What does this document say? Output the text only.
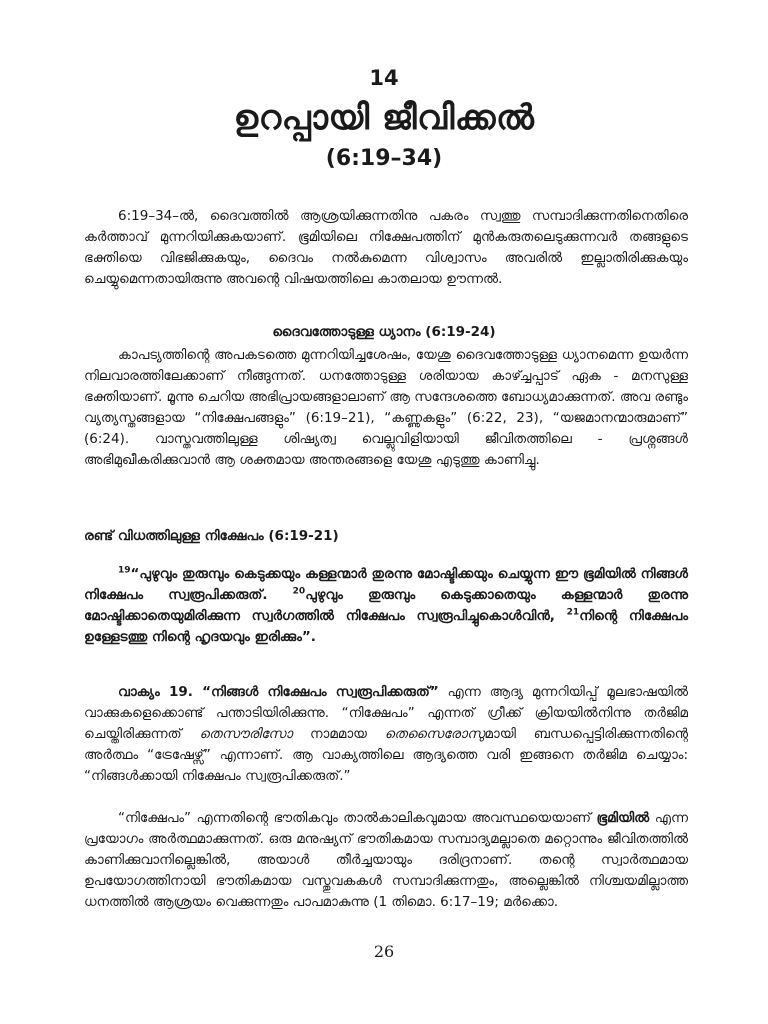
14
ഉറപ്പായി ജീവിക്കൽ
(6:19–34)

6:19–34–ൽ, ദൈവത്തിൽ ആശ്രയിക്കുന്നതിനു പകരം സ്വത്തു സമ്പാദിക്കുന്നതിനെതിരെ കർത്താവ് മുന്നറിയിക്കുകയാണ്. ഭൂമിയിലെ നിക്ഷേപത്തിന് മുൻകരുതലെടുക്കുന്നവർ തങ്ങളുടെ ഭക്തിയെ വിഭജിക്കുകയും, ദൈവം നൽകുമെന്ന വിശ്വാസം അവരിൽ ഇല്ലാതിരിക്കുകയും ചെയ്യുമെന്നതായിരുന്നു അവന്റെ വിഷയത്തിലെ കാതലായ ഊന്നൽ.

ദൈവത്തോടുള്ള ധ്യാനം (6:19-24)

കാപട്യത്തിന്റെ അപകടത്തെ മുന്നറിയിച്ചശേഷം, യേശു ദൈവത്തോടുള്ള ധ്യാനമെന്ന ഉയർന്ന നിലവാരത്തിലേക്കാണ് നീങ്ങുന്നത്. ധനത്തോടുള്ള ശരിയായ കാഴ്ച്ചപ്പാട് ഏക - മനസുള്ള ഭക്തിയാണ്. മൂന്നു ചെറിയ അഭിപ്രായങ്ങളാലാണ് ആ സന്ദേശത്തെ ബോധ്യമാക്കുന്നത്. അവ രണ്ടും വ്യത്യസ്തങ്ങളായ “നിക്ഷേപങ്ങളും” (6:19–21), “കണ്ണുകളും” (6:22, 23), “യജമാനന്മാരുമാണ്” (6:24). വാസ്തവത്തിലുള്ള ശിഷ്യത്വ വെല്ലുവിളിയായി ജീവിതത്തിലെ - പ്രശ്നങ്ങൾ അഭിമുഖീകരിക്കുവാൻ ആ ശക്തമായ അന്തരങ്ങളെ യേശു എടുത്തു കാണിച്ചു.

രണ്ട് വിധത്തിലുള്ള നിക്ഷേപം (6:19-21)

$^{19}$“പുഴുവും തുരുമ്പും കെടുക്കയും കള്ളന്മാർ തുരന്നു മോഷ്ടിക്കയും ചെയ്യുന്ന ഈ ഭൂമിയിൽ നിങ്ങൾ നിക്ഷേപം സ്വരൂപിക്കരുത്.	$^{20}$പുഴുവും തുരുമ്പും കെടുക്കാതെയും കള്ളന്മാർ തുരന്നു മോഷ്ടിക്കാതെയുമിരിക്കുന്ന സ്വർഗത്തിൽ നിക്ഷേപം സ്വരൂപിച്ചുകൊൾവിൻ, $^{21}$നിന്റെ നിക്ഷേപം ഉള്ളേടത്തു നിന്റെ ഹൃദയവും ഇരിക്കും”.

വാക്യം 19. “നിങ്ങൾ നിക്ഷേപം സ്വരൂപിക്കരുത്” എന്ന ആദ്യ മുന്നറിയിപ്പ് മൂലഭാഷയിൽ വാക്കുകളെക്കൊണ്ട് പന്താടിയിരിക്കുന്നു. “നിക്ഷേപം” എന്നത് ഗ്രീക്ക് ക്രിയയിൽനിന്നു തർജിമ ചെയ്തിരിക്കുന്നത് തെസൗരിസോ നാമമായ തെസൈരോസുമായി ബന്ധപ്പെട്ടിരിക്കുന്നതിന്റെ അർത്ഥം “ട്രേഷേഴ്സ്” എന്നാണ്. ആ വാക്യത്തിലെ ആദ്യത്തെ വരി ഇങ്ങനെ തർജിമ ചെയ്യാം: “നിങ്ങൾക്കായി നിക്ഷേപം സ്വരൂപിക്കരുത്.”

“നിക്ഷേപം” എന്നതിന്റെ ഭൗതികവും താൽകാലികവുമായ അവസ്ഥയെയാണ് ഭൂമിയിൽ എന്ന പ്രയോഗം അർത്ഥമാക്കുന്നത്. ഒരു മനുഷ്യന് ഭൗതികമായ സമ്പാദ്യമല്ലാതെ മറ്റൊന്നും ജീവിതത്തിൽ കാണിക്കുവാനില്ലെങ്കിൽ, അയാൾ തീർച്ചയായും ദരിദ്രനാണ്. തന്റെ സ്വാർത്ഥമായ ഉപയോഗത്തിനായി ഭൗതികമായ വസ്തുവകകൾ സമ്പാദിക്കുന്നതും, അല്ലെങ്കിൽ നിശ്ചയമില്ലാത്ത ധനത്തിൽ ആശ്രയം വെക്കുന്നതും പാപമാകുന്നു (1 തിമൊ. 6:17–19; മർക്കൊ.

26
